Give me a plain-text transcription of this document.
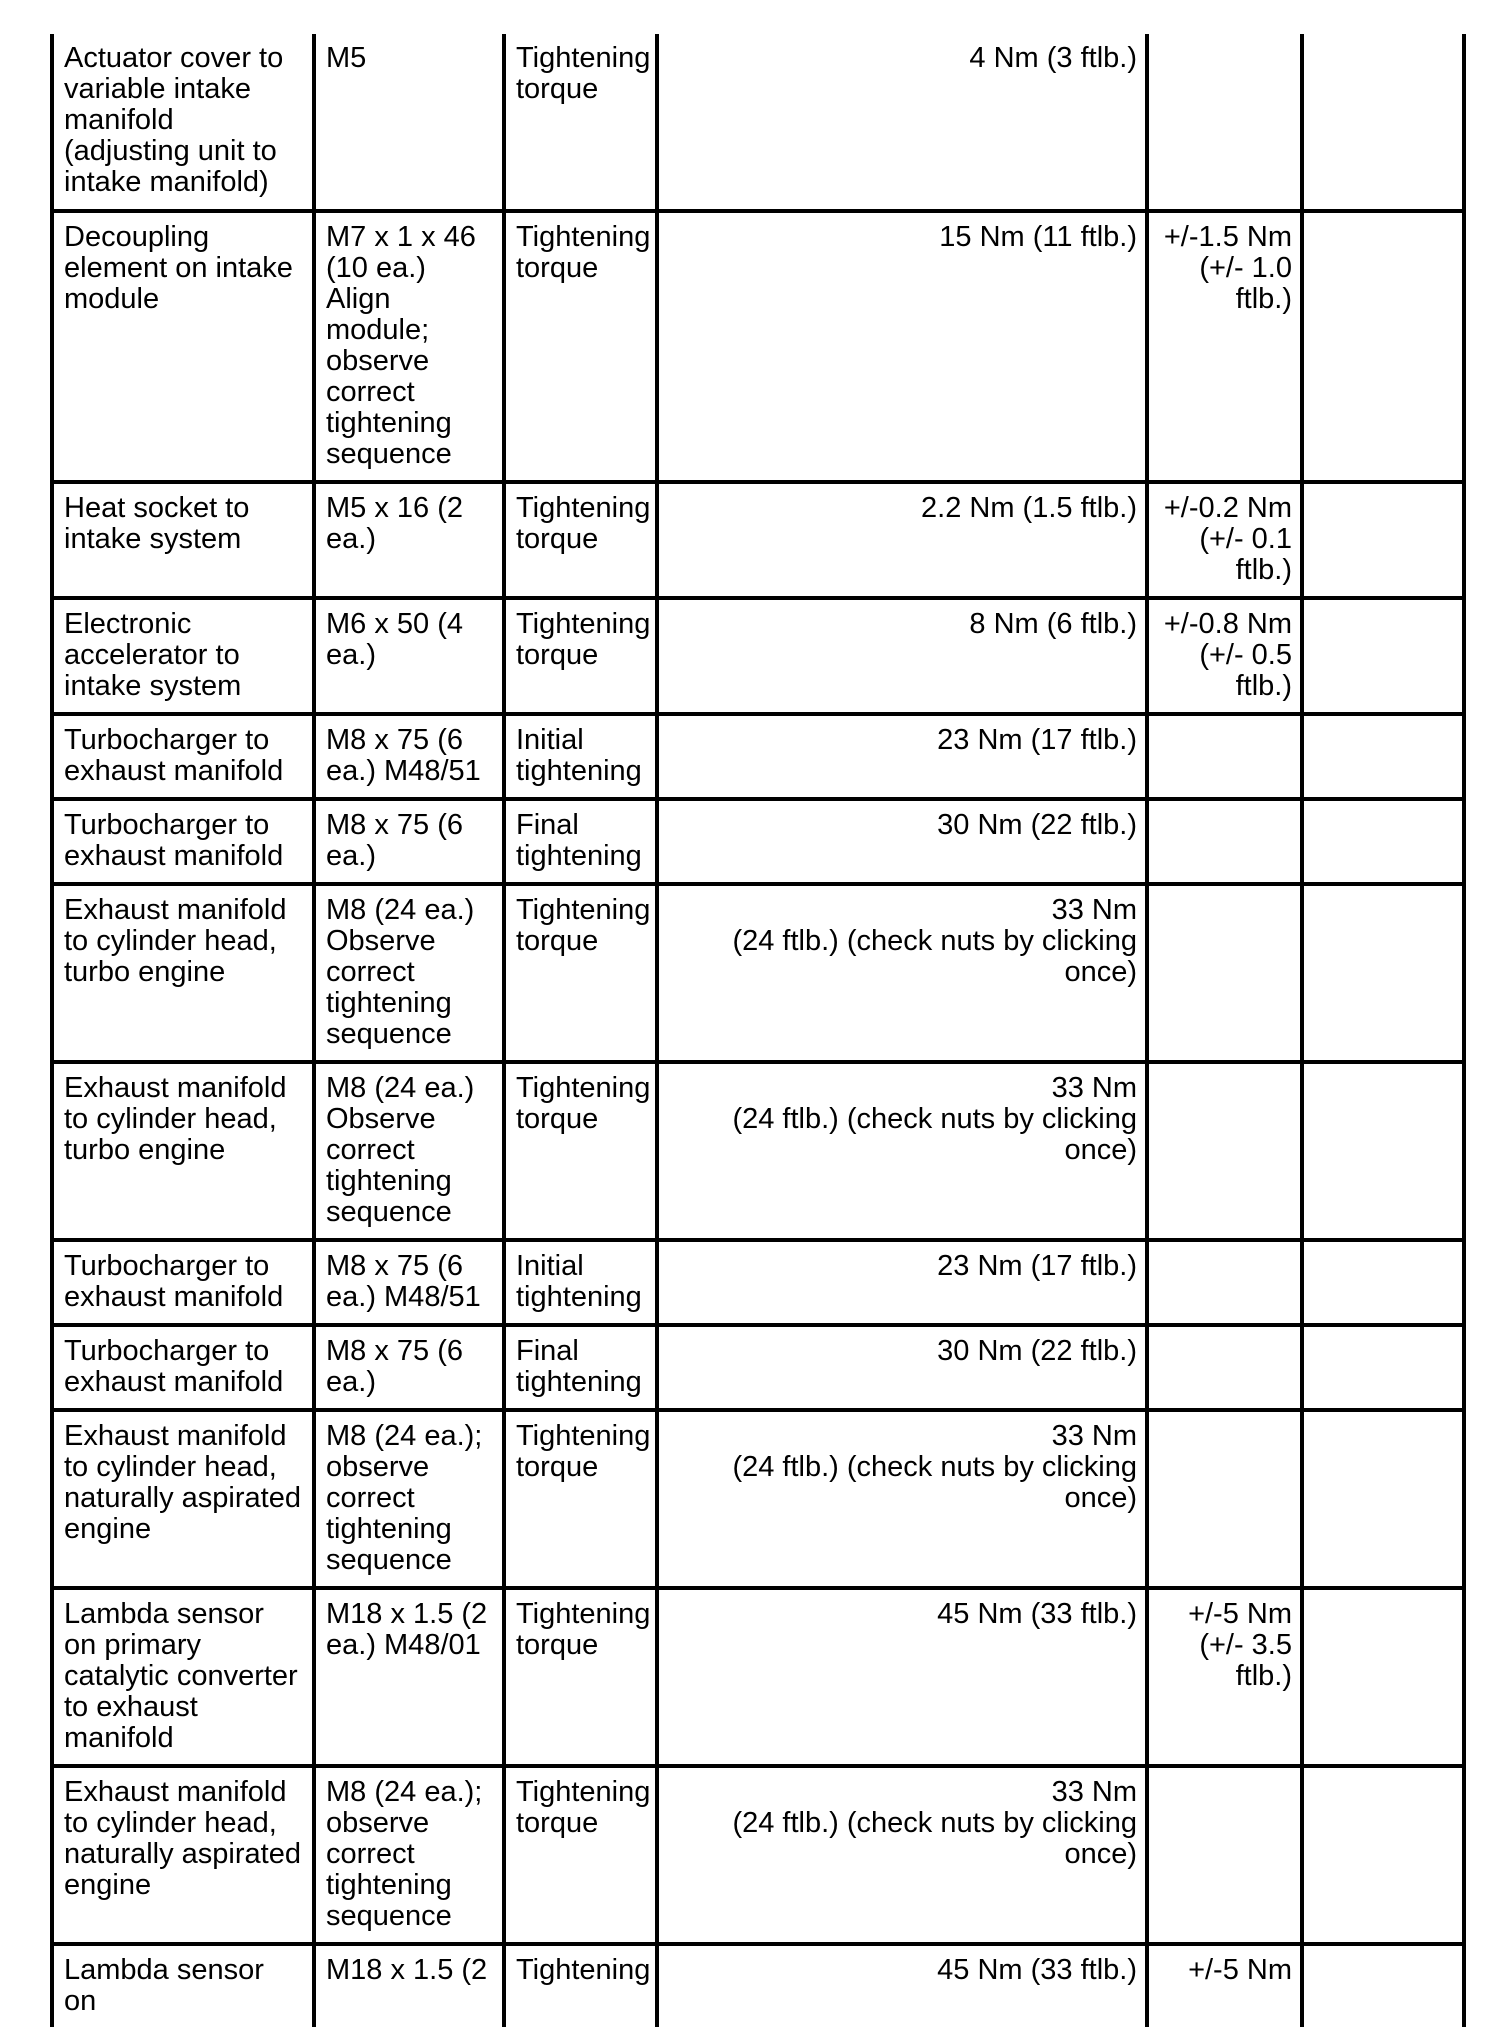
Actuator cover to variable intake manifold (adjusting unit to intake manifold)	M5	Tightening torque	4 Nm (3 ftlb.)		
Decoupling element on intake module	M7 x 1 x 46 (10 ea.) Align module; observe correct tightening sequence	Tightening torque	15 Nm (11 ftlb.)	+/-1.5 Nm (+/- 1.0 ftlb.)	
Heat socket to intake system	M5 x 16 (2 ea.)	Tightening torque	2.2 Nm (1.5 ftlb.)	+/-0.2 Nm (+/- 0.1 ftlb.)	
Electronic accelerator to intake system	M6 x 50 (4 ea.)	Tightening torque	8 Nm (6 ftlb.)	+/-0.8 Nm (+/- 0.5 ftlb.)	
Turbocharger to exhaust manifold	M8 x 75 (6 ea.) M48/51	Initial tightening	23 Nm (17 ftlb.)		
Turbocharger to exhaust manifold	M8 x 75 (6 ea.)	Final tightening	30 Nm (22 ftlb.)		
Exhaust manifold to cylinder head, turbo engine	M8 (24 ea.) Observe correct tightening sequence	Tightening torque	33 Nm
(24 ftlb.) (check nuts by clicking once)		
Exhaust manifold to cylinder head, turbo engine	M8 (24 ea.) Observe correct tightening sequence	Tightening torque	33 Nm
(24 ftlb.) (check nuts by clicking once)		
Turbocharger to exhaust manifold	M8 x 75 (6 ea.) M48/51	Initial tightening	23 Nm (17 ftlb.)		
Turbocharger to exhaust manifold	M8 x 75 (6 ea.)	Final tightening	30 Nm (22 ftlb.)		
Exhaust manifold to cylinder head, naturally aspirated engine	M8 (24 ea.); observe correct tightening sequence	Tightening torque	33 Nm
(24 ftlb.) (check nuts by clicking once)		
Lambda sensor on primary catalytic converter to exhaust manifold	M18 x 1.5 (2 ea.) M48/01	Tightening torque	45 Nm (33 ftlb.)	+/-5 Nm (+/- 3.5 ftlb.)	
Exhaust manifold to cylinder head, naturally aspirated engine	M8 (24 ea.); observe correct tightening sequence	Tightening torque	33 Nm
(24 ftlb.) (check nuts by clicking once)		
Lambda sensor on	M18 x 1.5 (2	Tightening	45 Nm (33 ftlb.)	+/-5 Nm	
